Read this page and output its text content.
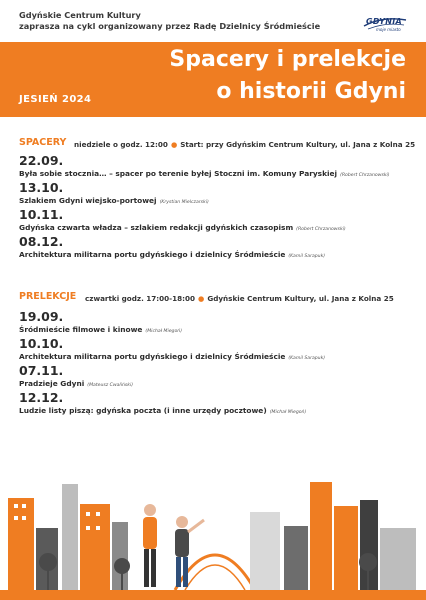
Gdyńskie Centrum Kultury
zaprasza na cykl organizowany przez Radę Dzielnicy Śródmieście	GDYNIA
moje miasto
Spacery i prelekcje
o historii Gdyni
JESIEŃ 2024
SPACERY niedziele o godz. 12:00 ● Start: przy Gdyńskim Centrum Kultury, ul. Jana z Kolna 25
22.09.
Była sobie stocznia… – spacer po terenie byłej Stoczni im. Komuny Paryskiej (Robert Chrzanowski)
13.10.
Szlakiem Gdyni wiejsko-portowej (Krystian Mielczarski)
10.11.
Gdyńska czwarta władza – szlakiem redakcji gdyńskich czasopism (Robert Chrzanowski)
08.12.
Architektura militarna portu gdyńskiego i dzielnicy Śródmieście (Kamil Sarapuk)
PRELEKCJE czwartki godz. 17:00-18:00 ● Gdyńskie Centrum Kultury, ul. Jana z Kolna 25
19.09.
Śródmieście filmowe i kinowe (Michał Miegoń)
10.10.
Architektura militarna portu gdyńskiego i dzielnicy Śródmieście (Kamil Sarapuk)
07.11.
Pradzieje Gdyni (Mateusz Cwaliński)
12.12.
Ludzie listy piszą: gdyńska poczta (i inne urzędy pocztowe) (Michał Miegoń)
